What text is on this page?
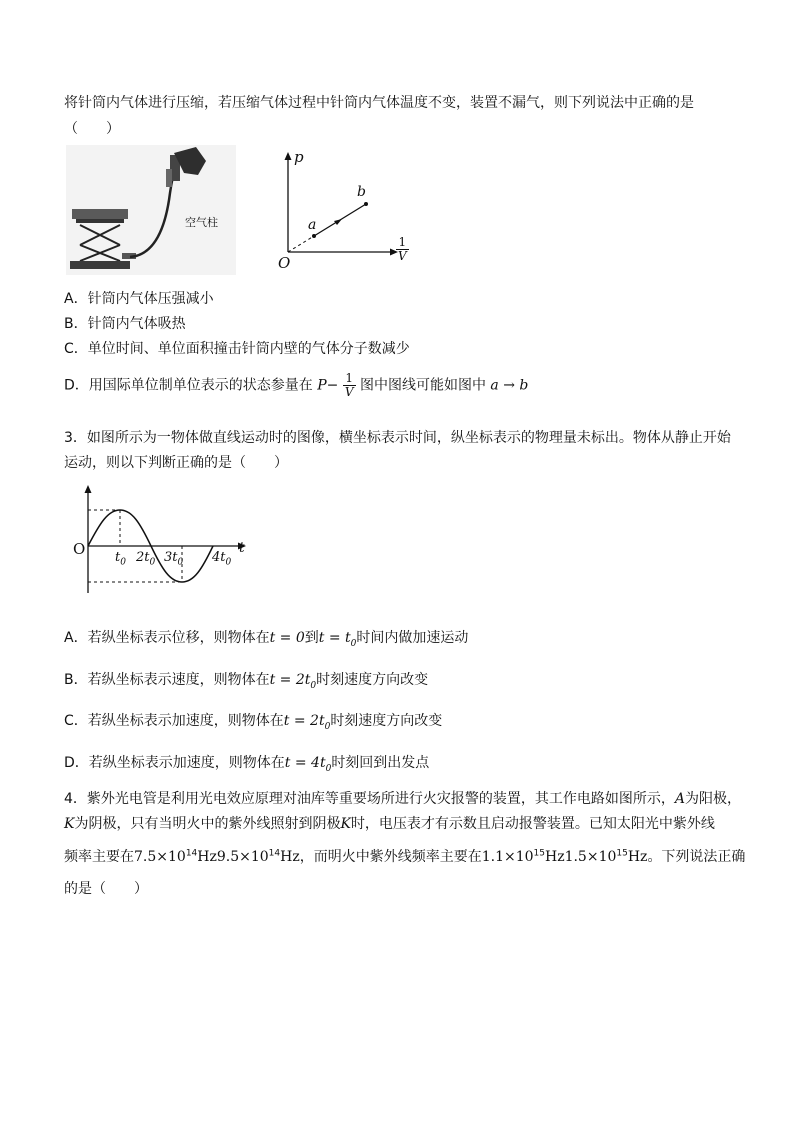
将针筒内气体进行压缩，若压缩气体过程中针筒内气体温度不变，装置不漏气，则下列说法中正确的是
（　　）
空气柱
p
O
a
b
$\frac{1}{V}$
A．针筒内气体压强减小
B．针筒内气体吸热
C．单位时间、单位面积撞击针筒内壁的气体分子数减少
D．用国际单位制单位表示的状态参量在 $P- \frac{1}{V}$ 图中图线可能如图中 a → b
3．如图所示为一物体做直线运动时的图像，横坐标表示时间，纵坐标表示的物理量未标出。物体从静止开始
运动，则以下判断正确的是（　　）
O	t
$t_0$ $2t_0$ $3t_0$ $4t_0$
A．若纵坐标表示位移，则物体在t = 0到$t = t_0$时间内做加速运动
B．若纵坐标表示速度，则物体在$t = 2t_0$时刻速度方向改变
C．若纵坐标表示加速度，则物体在$t = 2t_0$时刻速度方向改变
D．若纵坐标表示加速度，则物体在$t = 4t_0$时刻回到出发点
4．紫外光电管是利用光电效应原理对油库等重要场所进行火灾报警的装置，其工作电路如图所示，A为阳极，
K为阴极，只有当明火中的紫外线照射到阴极K时，电压表才有示数且启动报警装置。已知太阳光中紫外线
频率主要在$7.5\times 10^{14}Hz9.5\times 10^{14}Hz$，而明火中紫外线频率主要在$1.1\times 10^{15}Hz1.5\times 10^{15}Hz$。下列说法正确
的是（　　）
